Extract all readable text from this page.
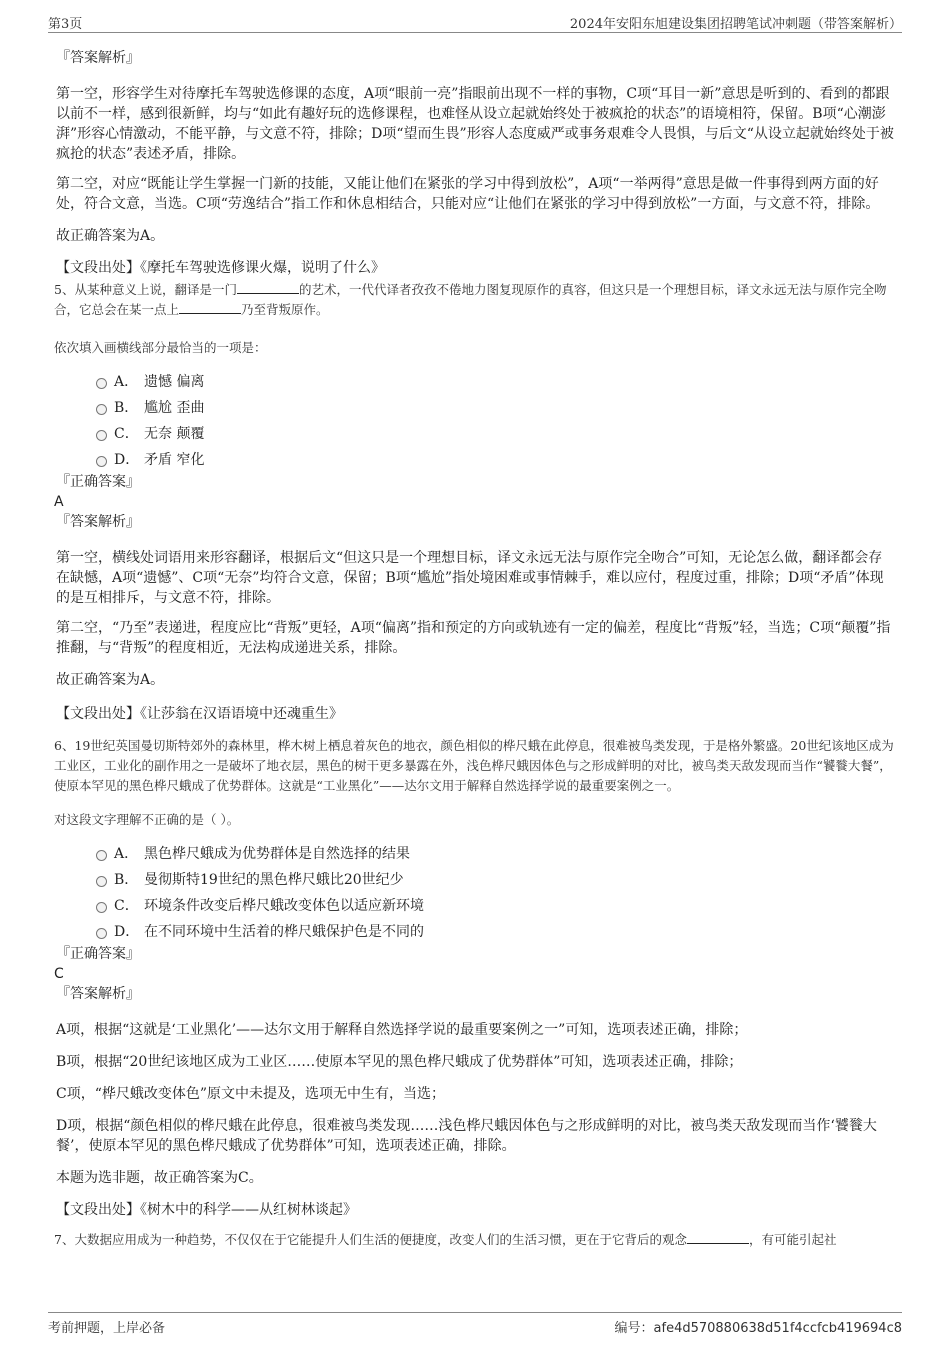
第3页	2024年安阳东旭建设集团招聘笔试冲刺题（带答案解析）

『答案解析』

第一空，形容学生对待摩托车驾驶选修课的态度，A项“眼前一亮”指眼前出现不一样的事物，C项“耳目一新”意思是听到的、看到的都跟以前不一样，感到很新鲜，均与“如此有趣好玩的选修课程，也难怪从设立起就始终处于被疯抢的状态”的语境相符，保留。B项“心潮澎湃”形容心情激动，不能平静，与文意不符，排除；D项“望而生畏”形容人态度威严或事务艰难令人畏惧，与后文“从设立起就始终处于被疯抢的状态”表述矛盾，排除。

第二空，对应“既能让学生掌握一门新的技能，又能让他们在紧张的学习中得到放松”，A项“一举两得”意思是做一件事得到两方面的好处，符合文意，当选。C项“劳逸结合”指工作和休息相结合，只能对应“让他们在紧张的学习中得到放松”一方面，与文意不符，排除。

故正确答案为A。

【文段出处】《摩托车驾驶选修课火爆，说明了什么》

5、从某种意义上说，翻译是一门	的艺术，一代代译者孜孜不倦地力图复现原作的真容，但这只是一个理想目标，译文永远无法与原作完全吻合，它总会在某一点上	乃至背叛原作。

依次填入画横线部分最恰当的一项是：

A． 遗憾 偏离
B． 尴尬 歪曲
C． 无奈 颠覆
D． 矛盾 窄化

『正确答案』

A

『答案解析』

第一空，横线处词语用来形容翻译，根据后文“但这只是一个理想目标，译文永远无法与原作完全吻合”可知，无论怎么做，翻译都会存在缺憾，A项“遗憾”、C项“无奈”均符合文意，保留；B项“尴尬”指处境困难或事情棘手，难以应付，程度过重，排除；D项“矛盾”体现的是互相排斥，与文意不符，排除。

第二空，“乃至”表递进，程度应比“背叛”更轻，A项“偏离”指和预定的方向或轨迹有一定的偏差，程度比“背叛”轻，当选；C项“颠覆”指推翻，与“背叛”的程度相近，无法构成递进关系，排除。

故正确答案为A。

【文段出处】《让莎翁在汉语语境中还魂重生》

6、19世纪英国曼切斯特郊外的森林里，桦木树上栖息着灰色的地衣，颜色相似的桦尺蛾在此停息，很难被鸟类发现，于是格外繁盛。20世纪该地区成为工业区，工业化的副作用之一是破坏了地衣层，黑色的树干更多暴露在外，浅色桦尺蛾因体色与之形成鲜明的对比，被鸟类天敌发现而当作“饕餮大餐”，使原本罕见的黑色桦尺蛾成了优势群体。这就是“工业黑化”——达尔文用于解释自然选择学说的最重要案例之一。

对这段文字理解不正确的是（ ）。

A． 黑色桦尺蛾成为优势群体是自然选择的结果
B． 曼彻斯特19世纪的黑色桦尺蛾比20世纪少
C． 环境条件改变后桦尺蛾改变体色以适应新环境
D． 在不同环境中生活着的桦尺蛾保护色是不同的

『正确答案』

C

『答案解析』

A项，根据“这就是‘工业黑化’——达尔文用于解释自然选择学说的最重要案例之一”可知，选项表述正确，排除；

B项，根据“20世纪该地区成为工业区……使原本罕见的黑色桦尺蛾成了优势群体”可知，选项表述正确，排除；

C项，“桦尺蛾改变体色”原文中未提及，选项无中生有，当选；

D项，根据“颜色相似的桦尺蛾在此停息，很难被鸟类发现……浅色桦尺蛾因体色与之形成鲜明的对比，被鸟类天敌发现而当作‘饕餮大餐’，使原本罕见的黑色桦尺蛾成了优势群体”可知，选项表述正确，排除。

本题为选非题，故正确答案为C。

【文段出处】《树木中的科学——从红树林谈起》

7、大数据应用成为一种趋势，不仅仅在于它能提升人们生活的便捷度，改变人们的生活习惯，更在于它背后的观念	，有可能引起社

考前押题，上岸必备	编号：afe4d570880638d51f4ccfcb419694c8
